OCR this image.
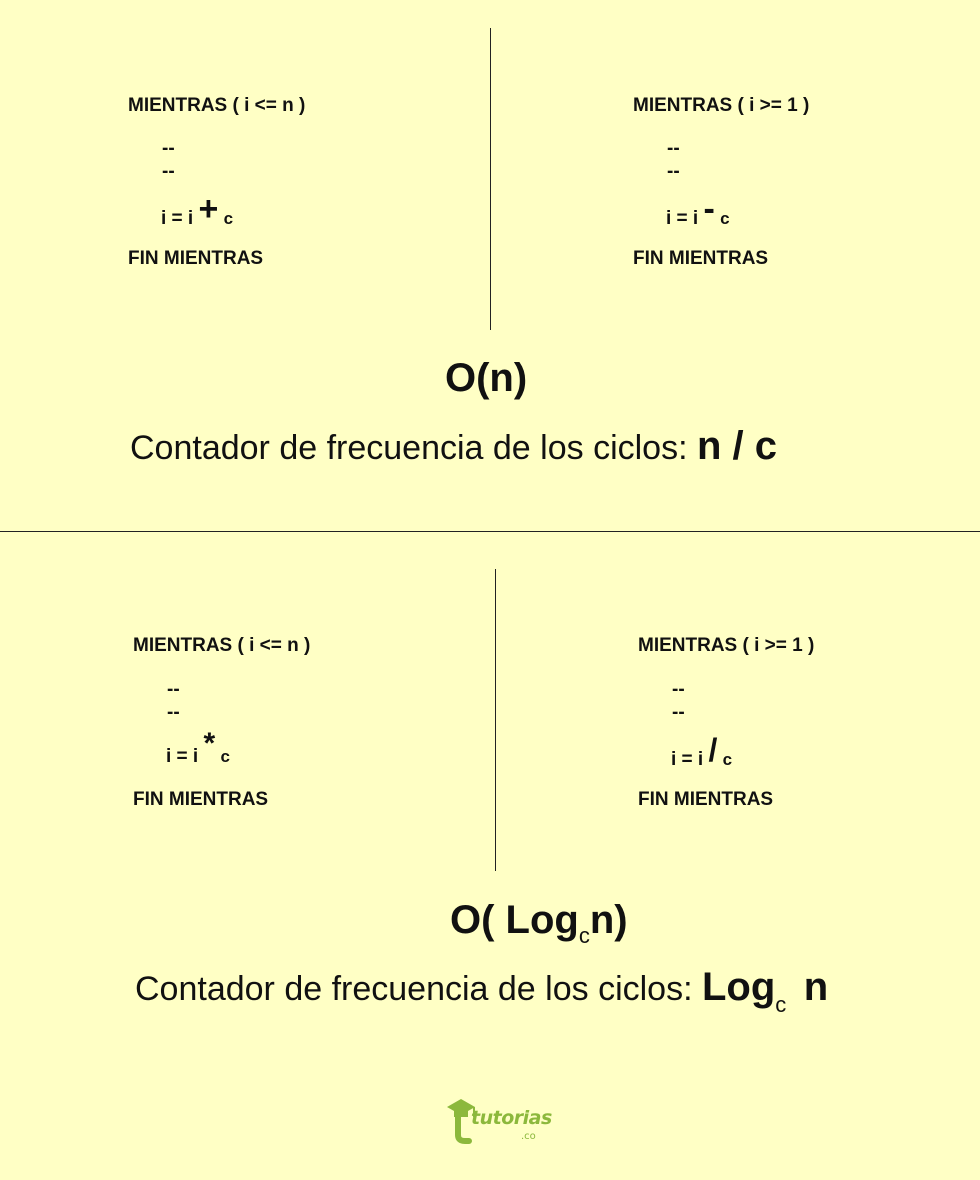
MIENTRAS ( i <= n )
--
--
i = i + c
FIN MIENTRAS
MIENTRAS ( i >= 1 )
--
--
i = i - c
FIN MIENTRAS
O(n)
Contador de frecuencia de los ciclos: n / c
MIENTRAS ( i <= n )
--
--
i = i * c
FIN MIENTRAS
MIENTRAS ( i >= 1 )
--
--
i = i / c
FIN MIENTRAS
O( Log$_c$n)
Contador de frecuencia de los ciclos: Log$_c$ n
tutorias
.co
